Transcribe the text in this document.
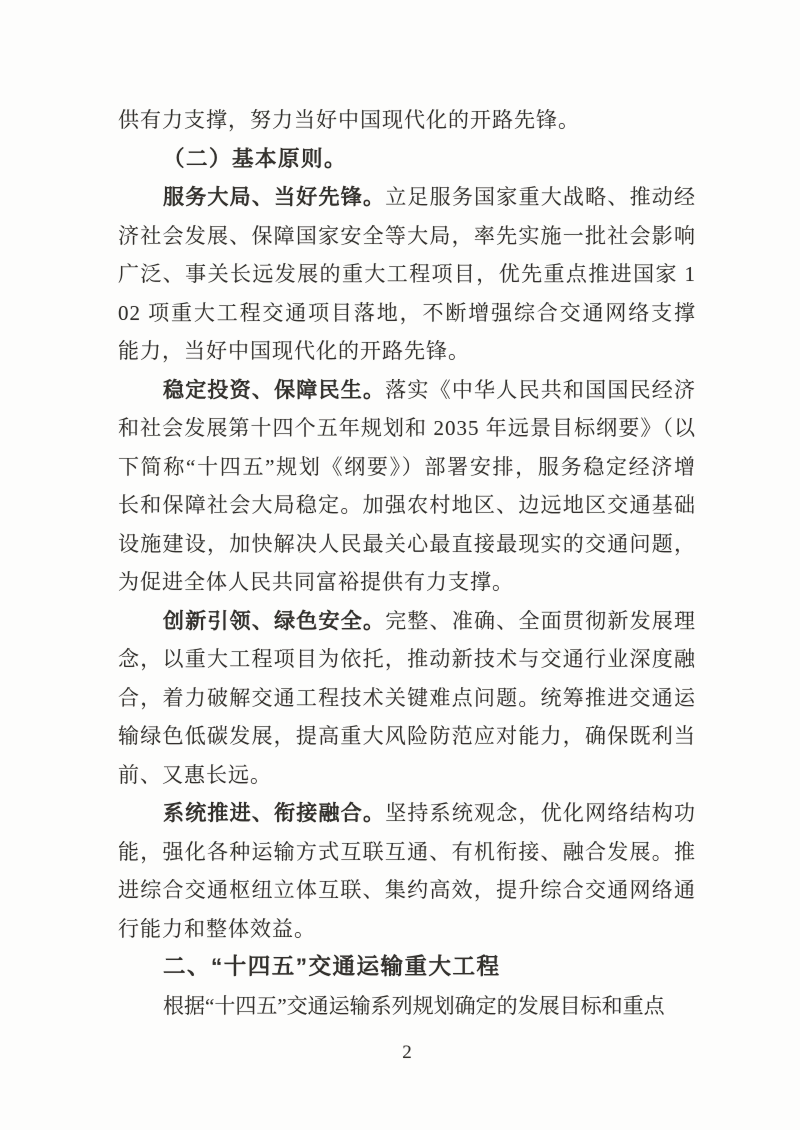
供有力支撑，努力当好中国现代化的开路先锋。

（二）基本原则。

服务大局、当好先锋。立足服务国家重大战略、推动经济社会发展、保障国家安全等大局，率先实施一批社会影响广泛、事关长远发展的重大工程项目，优先重点推进国家 102 项重大工程交通项目落地，不断增强综合交通网络支撑能力，当好中国现代化的开路先锋。

稳定投资、保障民生。落实《中华人民共和国国民经济和社会发展第十四个五年规划和 2035 年远景目标纲要》（以下简称“十四五”规划《纲要》）部署安排，服务稳定经济增长和保障社会大局稳定。加强农村地区、边远地区交通基础设施建设，加快解决人民最关心最直接最现实的交通问题，为促进全体人民共同富裕提供有力支撑。

创新引领、绿色安全。完整、准确、全面贯彻新发展理念，以重大工程项目为依托，推动新技术与交通行业深度融合，着力破解交通工程技术关键难点问题。统筹推进交通运输绿色低碳发展，提高重大风险防范应对能力，确保既利当前、又惠长远。

系统推进、衔接融合。坚持系统观念，优化网络结构功能，强化各种运输方式互联互通、有机衔接、融合发展。推进综合交通枢纽立体互联、集约高效，提升综合交通网络通行能力和整体效益。

二、“十四五”交通运输重大工程

根据“十四五”交通运输系列规划确定的发展目标和重点

2
